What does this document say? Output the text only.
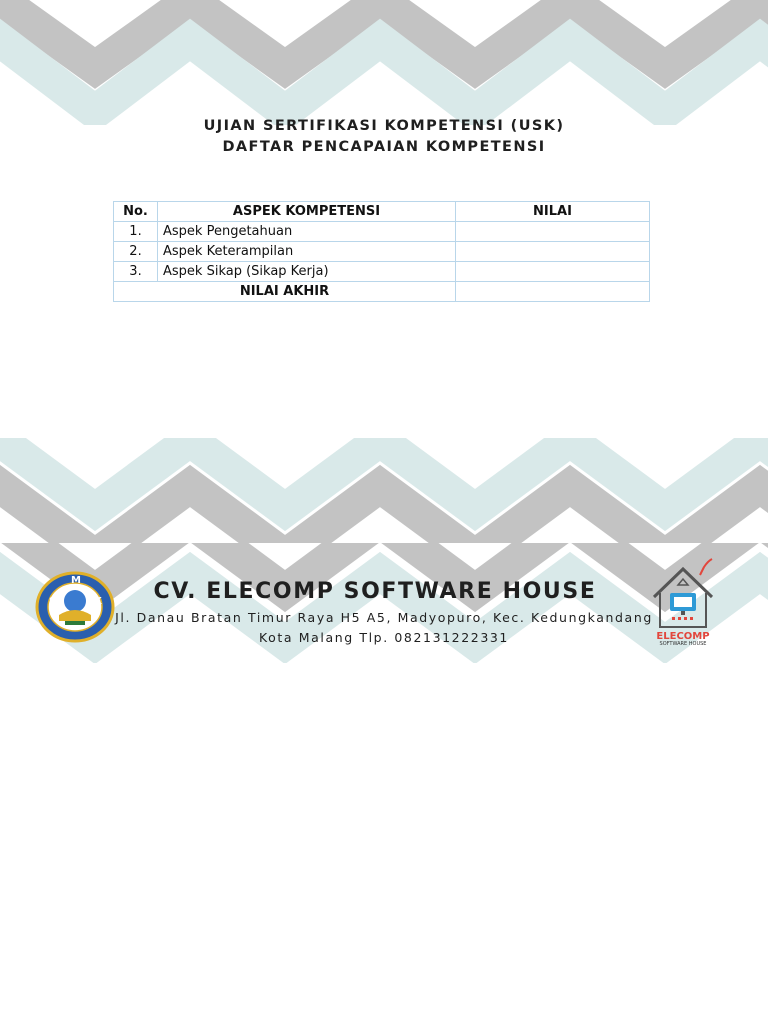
UJIAN SERTIFIKASI KOMPETENSI (USK)
DAFTAR PENCAPAIAN KOMPETENSI
No.	ASPEK KOMPETENSI	NILAI
1.	Aspek Pengetahuan	
2.	Aspek Keterampilan	
3.	Aspek Sikap (Sikap Kerja)	
NILAI AKHIR		
S
M
K	CV. ELECOMP SOFTWARE HOUSE
Jl. Danau Bratan Timur Raya H5 A5, Madyopuro, Kec. Kedungkandang
Kota Malang Tlp. 082131222331	ELECOMP
SOFTWARE HOUSE
